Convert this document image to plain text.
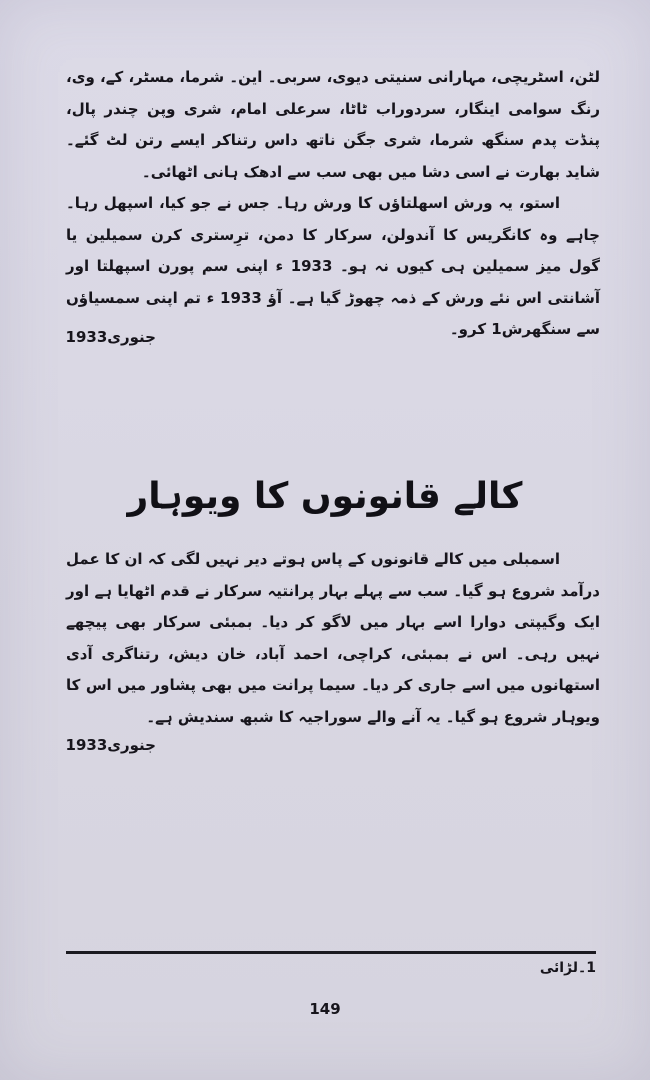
لٹن، اسٹریچی، مہارانی سنیتی دیوی، سربی۔ این۔ شرما، مسٹر، کے، وی، رنگ سوامی اینگار، سردوراب ٹاٹا، سرعلی امام، شری وپن چندر پال، پنڈت پدم سنگھ شرما، شری جگن ناتھ داس رتناکر ایسے رتن لٹ گئے۔ شاید بھارت نے اسی دشا میں بھی سب سے ادھک ہانی اٹھائی۔

استو، یہ ورش اسھلتاؤں کا ورش رہا۔ جس نے جو کیا، اسپھل رہا۔ چاہے وہ کانگریس کا آندولن، سرکار کا دمن، ترِستری کرن سمیلین یا گول میز سمیلین ہی کیوں نہ ہو۔ 1933 ء اپنی سم پورن اسپھلتا اور آشانتی اس نئے ورش کے ذمہ چھوڑ گیا ہے۔ آؤ 1933 ء تم اپنی سمسیاؤں سے سنگھرش1 کرو۔

جنوری1933
کالے قانونوں کا ویوہار

اسمبلی میں کالے قانونوں کے پاس ہوتے دیر نہیں لگی کہ ان کا عمل درآمد شروع ہو گیا۔ سب سے پہلے بہار پرانتیہ سرکار نے قدم اٹھایا ہے اور ایک وگیپتی دوارا اسے بہار میں لاگو کر دیا۔ بمبئی سرکار بھی پیچھے نہیں رہی۔ اس نے بمبئی، کراچی، احمد آباد، خان دیش، رتناگری آدی استھانوں میں اسے جاری کر دیا۔ سیما پرانت میں بھی پشاور میں اس کا ویوہار شروع ہو گیا۔ یہ آنے والے سوراجیہ کا شبھ سندیش ہے۔

جنوری1933
1۔لڑائی
149
